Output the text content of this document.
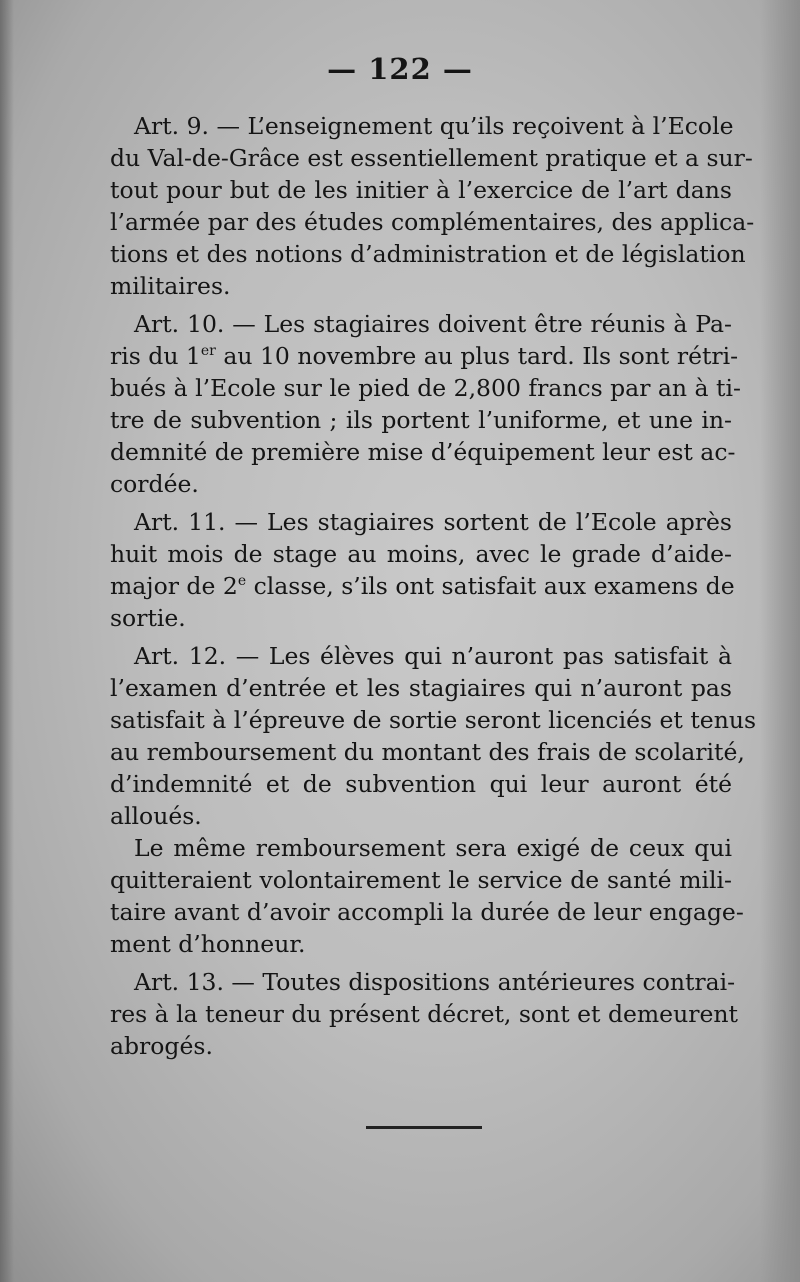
— 122 —
Art. 9. — L’enseignement qu’ils reçoivent à l’Ecole
du Val-de-Grâce est essentiellement pratique et a sur-
tout pour but de les initier à l’exercice de l’art dans
l’armée par des études complémentaires, des applica-
tions et des notions d’administration et de législation
militaires.
Art. 10. — Les stagiaires doivent être réunis à Pa-
ris du 1er au 10 novembre au plus tard. Ils sont rétri-
bués à l’Ecole sur le pied de 2,800 francs par an à ti-
tre de subvention ; ils portent l’uniforme, et une in-
demnité de première mise d’équipement leur est ac-
cordée.
Art. 11. — Les stagiaires sortent de l’Ecole après
huit mois de stage au moins, avec le grade d’aide-
major de 2e classe, s’ils ont satisfait aux examens de
sortie.
Art. 12. — Les élèves qui n’auront pas satisfait à
l’examen d’entrée et les stagiaires qui n’auront pas
satisfait à l’épreuve de sortie seront licenciés et tenus
au remboursement du montant des frais de scolarité,
d’indemnité et de subvention qui leur auront été
alloués.
Le même remboursement sera exigé de ceux qui
quitteraient volontairement le service de santé mili-
taire avant d’avoir accompli la durée de leur engage-
ment d’honneur.
Art. 13. — Toutes dispositions antérieures contrai-
res à la teneur du présent décret, sont et demeurent
abrogés.
